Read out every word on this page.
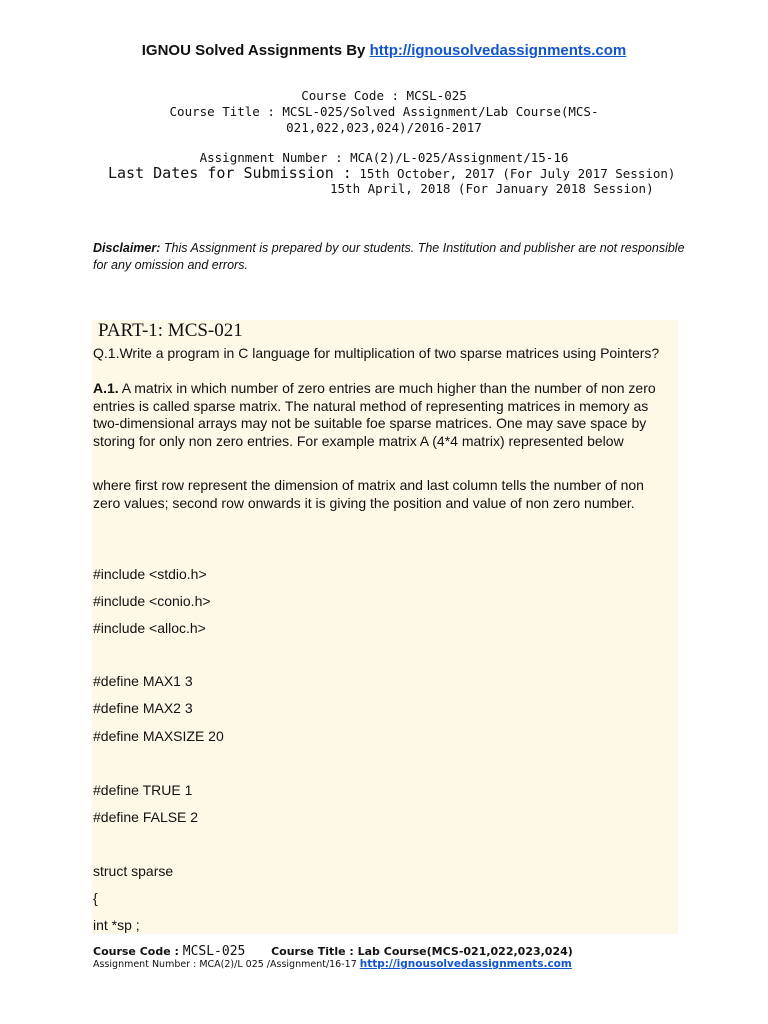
IGNOU Solved Assignments By http://ignousolvedassignments.com
Course Code : MCSL-025
Course Title : MCSL-025/Solved Assignment/Lab Course(MCS-
021,022,023,024)/2016-2017
Assignment Number : MCA(2)/L-025/Assignment/15-16
Last Dates for Submission : 15th October, 2017 (For July 2017 Session)
15th April, 2018 (For January 2018 Session)
Disclaimer: This Assignment is prepared by our students. The Institution and publisher are not responsible for any omission and errors.
PART-1: MCS-021
Q.1.Write a program in C language for multiplication of two sparse matrices using Pointers?
A.1. A matrix in which number of zero entries are much higher than the number of non zero entries is called sparse matrix. The natural method of representing matrices in memory as two-dimensional arrays may not be suitable foe sparse matrices. One may save space by storing for only non zero entries. For example matrix A (4*4 matrix) represented below
where first row represent the dimension of matrix and last column tells the number of non zero values; second row onwards it is giving the position and value of non zero number.
#include <stdio.h>
#include <conio.h>
#include <alloc.h>
#define MAX1 3
#define MAX2 3
#define MAXSIZE 20
#define TRUE 1
#define FALSE 2
struct sparse
{
int *sp ;
Course Code : MCSL-025 Course Title : Lab Course(MCS-021,022,023,024)
Assignment Number : MCA(2)/L 025 /Assignment/16-17 http://ignousolvedassignments.com
